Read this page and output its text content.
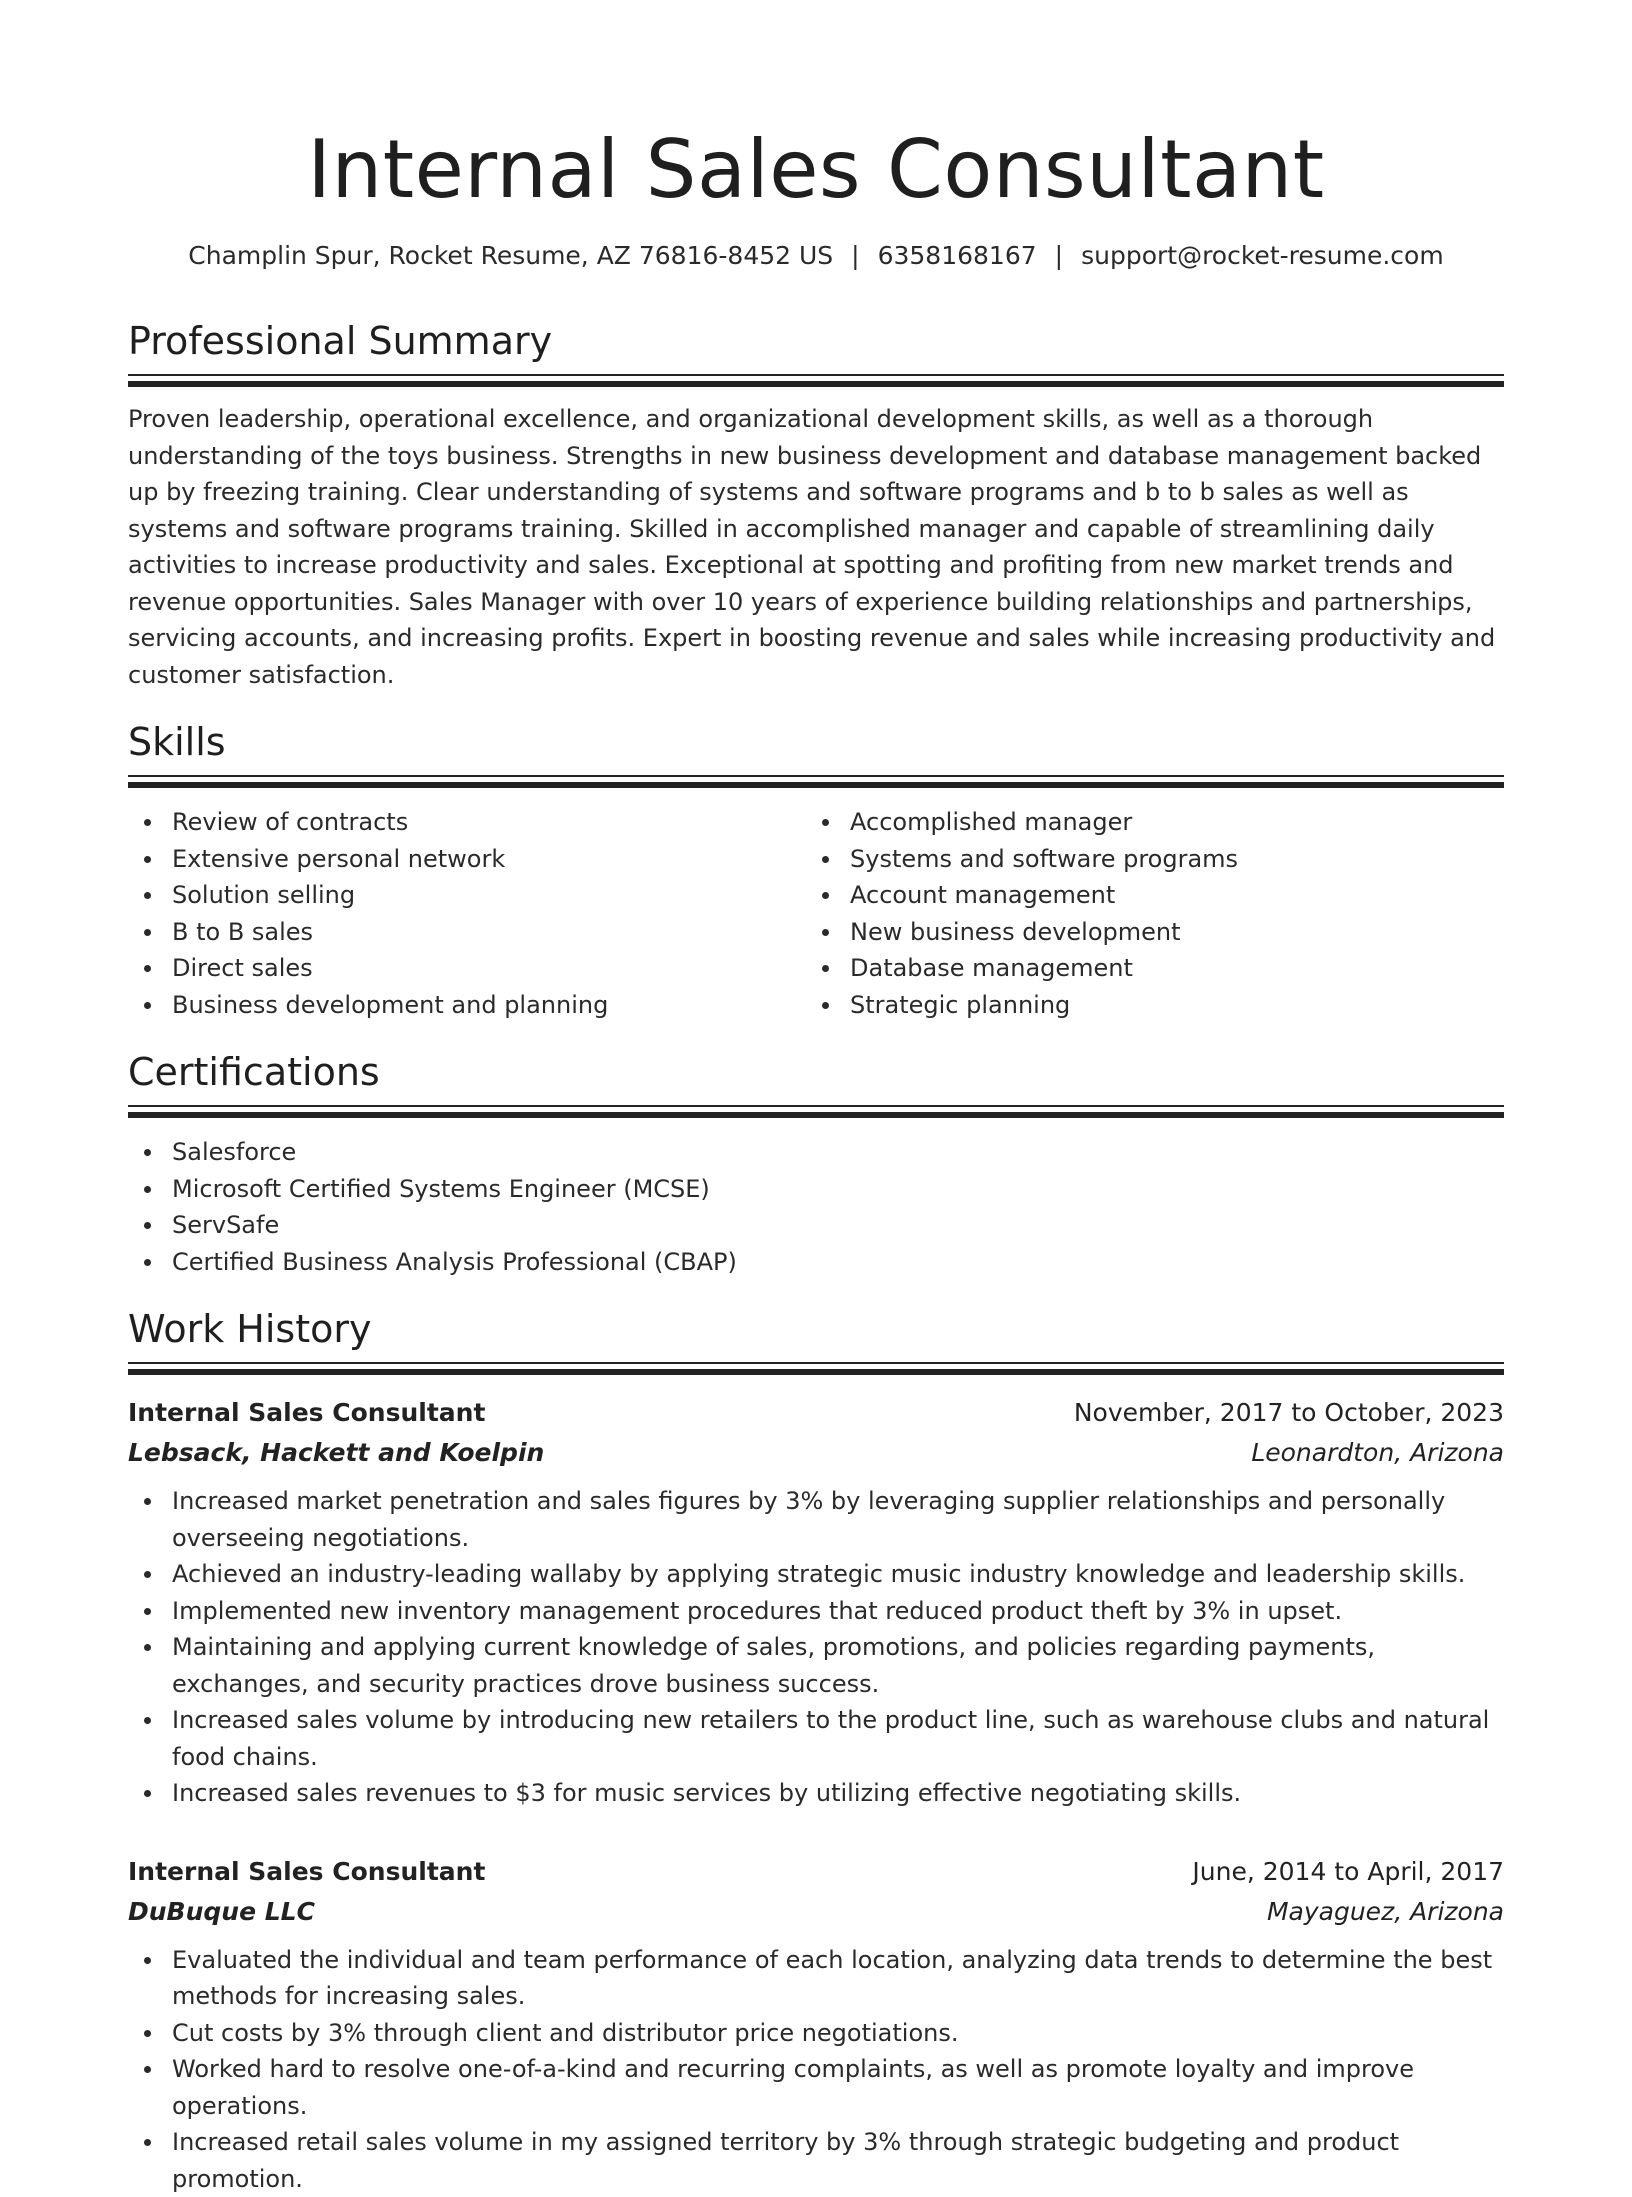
Internal Sales Consultant
Champlin Spur, Rocket Resume, AZ 76816-8452 US | 6358168167 | support@rocket-resume.com
Professional Summary

Proven leadership, operational excellence, and organizational development skills, as well as a thorough understanding of the toys business. Strengths in new business development and database management backed up by freezing training. Clear understanding of systems and software programs and b to b sales as well as systems and software programs training. Skilled in accomplished manager and capable of streamlining daily activities to increase productivity and sales. Exceptional at spotting and profiting from new market trends and revenue opportunities. Sales Manager with over 10 years of experience building relationships and partnerships, servicing accounts, and increasing profits. Expert in boosting revenue and sales while increasing productivity and customer satisfaction.

Skills
Review of contracts
Extensive personal network
Solution selling
B to B sales
Direct sales
Business development and planning
Accomplished manager
Systems and software programs
Account management
New business development
Database management
Strategic planning
Certifications
Salesforce
Microsoft Certified Systems Engineer (MCSE)
ServSafe
Certified Business Analysis Professional (CBAP)
Work History
Internal Sales Consultant	November, 2017 to October, 2023
Lebsack, Hackett and Koelpin	Leonardton, Arizona
Increased market penetration and sales figures by 3% by leveraging supplier relationships and personally overseeing negotiations.
Achieved an industry-leading wallaby by applying strategic music industry knowledge and leadership skills.
Implemented new inventory management procedures that reduced product theft by 3% in upset.
Maintaining and applying current knowledge of sales, promotions, and policies regarding payments, exchanges, and security practices drove business success.
Increased sales volume by introducing new retailers to the product line, such as warehouse clubs and natural food chains.
Increased sales revenues to $3 for music services by utilizing effective negotiating skills.
Internal Sales Consultant	June, 2014 to April, 2017
DuBuque LLC	Mayaguez, Arizona
Evaluated the individual and team performance of each location, analyzing data trends to determine the best methods for increasing sales.
Cut costs by 3% through client and distributor price negotiations.
Worked hard to resolve one-of-a-kind and recurring complaints, as well as promote loyalty and improve operations.
Increased retail sales volume in my assigned territory by 3% through strategic budgeting and product promotion.
